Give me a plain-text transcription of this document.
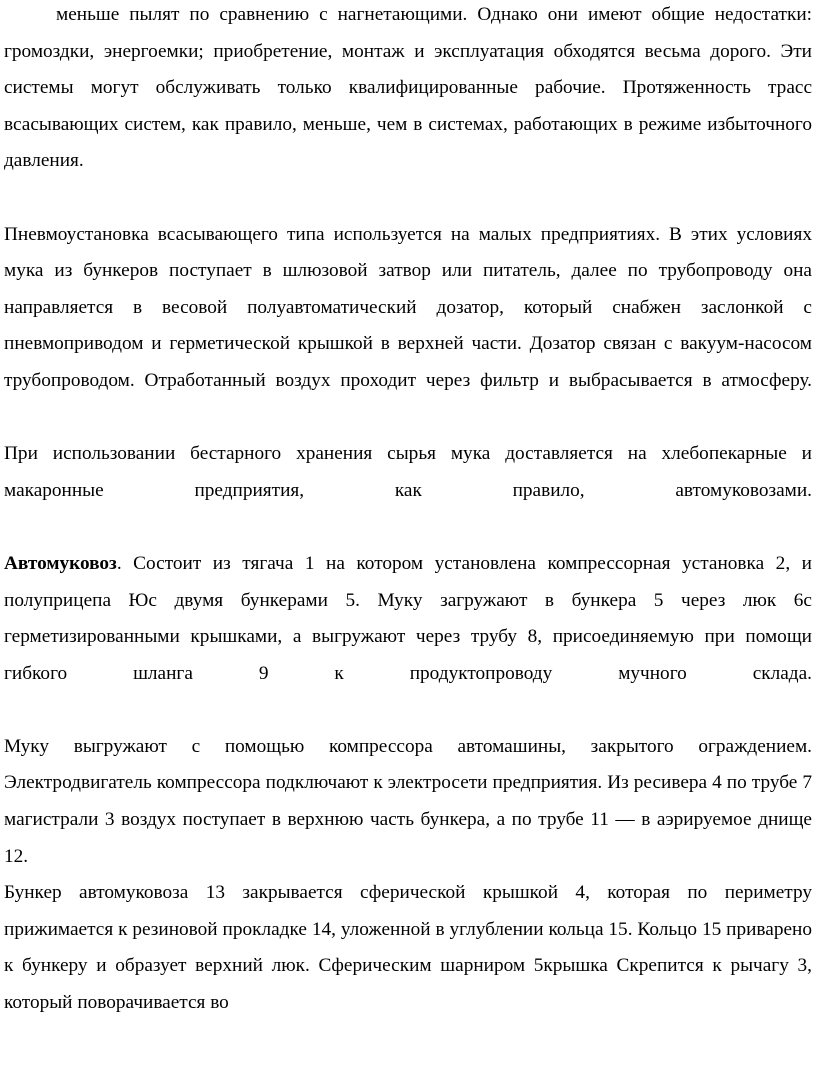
меньше пылят по сравнению с нагнетающими. Однако они имеют общие недостатки: громоздки, энергоемки; приобретение, монтаж и эксплуатация обходятся весьма дорого. Эти системы могут обслуживать только квалифицированные рабочие. Протяженность трасс всасывающих систем, как правило, меньше, чем в системах, работающих в режиме избыточного давления.

Пневмоустановка всасывающего типа используется на малых предприятиях. В этих условиях мука из бункеров поступает в шлюзовой затвор или питатель, далее по трубопроводу она направляется в весовой полуавтоматический дозатор, который снабжен заслонкой с пневмоприводом и герметической крышкой в верхней части. Дозатор связан с вакуум-насосом трубопроводом. Отработанный воздух проходит через фильтр и выбрасывается в атмосферу.

При использовании бестарного хранения сырья мука доставляется на хлебопекарные и макаронные предприятия, как правило, автомуковозами.

Автомуковоз. Состоит из тягача 1 на котором установлена компрессорная установка 2, и полуприцепа Юс двумя бункерами 5. Муку загружают в бункера 5 через люк 6с герметизированными крышками, а выгружают через трубу 8, присоединяемую при помощи гибкого шланга 9 к продуктопроводу мучного склада.

Муку выгружают с помощью компрессора автомашины, закрытого ограждением. Электродвигатель компрессора подключают к электросети предприятия. Из ресивера 4 по трубе 7 магистрали 3 воздух поступает в верхнюю часть бункера, а по трубе 11 — в аэрируемое днище 12.

Бункер автомуковоза 13 закрывается сферической крышкой 4, которая по периметру прижимается к резиновой прокладке 14, уложенной в углублении кольца 15. Кольцо 15 приварено к бункеру и образует верхний люк. Сферическим шарниром 5крышка Скрепится к рычагу 3, который поворачивается во
